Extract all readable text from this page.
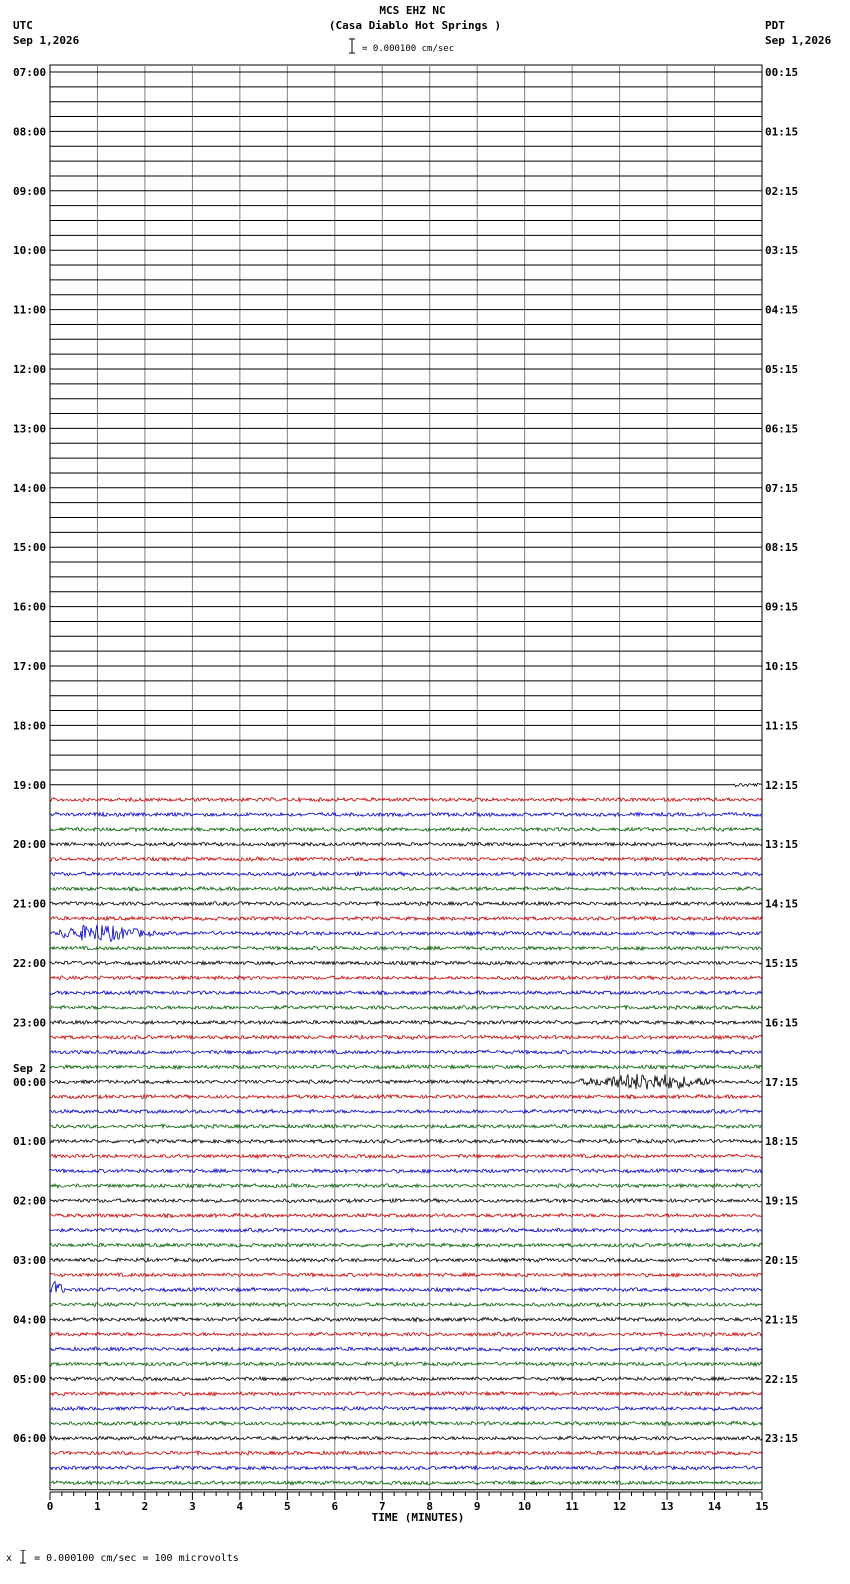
MCS EHZ NC
(Casa Diablo Hot Springs )
UTC
Sep 1,2026
PDT
Sep 1,2026
07:00
08:00
09:00
10:00
11:00
12:00
13:00
14:00
15:00
16:00
17:00
18:00
19:00
20:00
21:00
22:00
23:00
00:00
Sep 2
01:00
02:00
03:00
04:00
05:00
06:00
00:15
01:15
02:15
03:15
04:15
05:15
06:15
07:15
08:15
09:15
10:15
11:15
12:15
13:15
14:15
15:15
16:15
17:15
18:15
19:15
20:15
21:15
22:15
23:15
0	1	2	3	4	5	6	7	8	9	10	11	12	13	14	15
TIME (MINUTES)
= 0.000100 cm/sec
x = 0.000100 cm/sec = 100 microvolts
